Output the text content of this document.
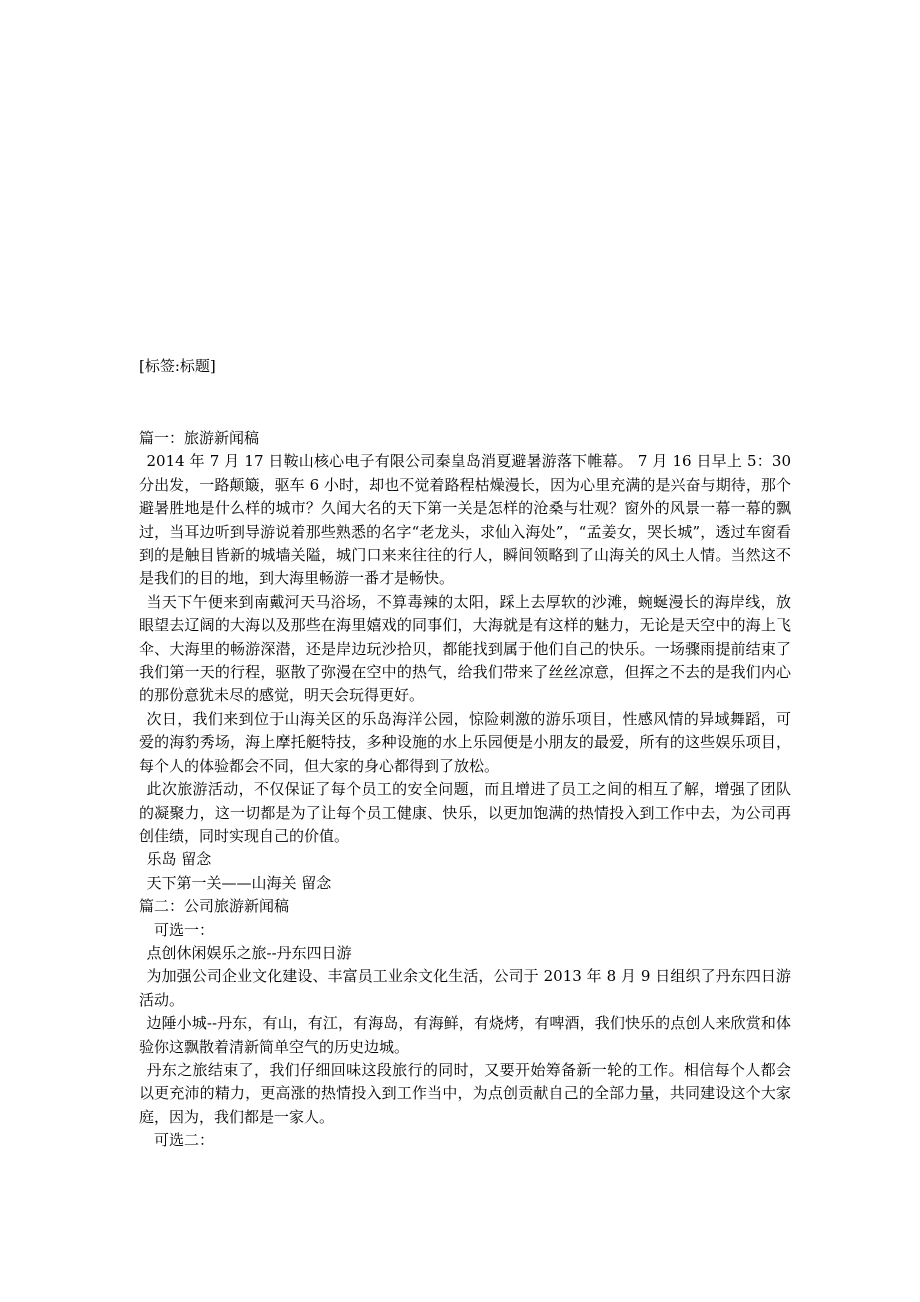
[标签:标题]

篇一：旅游新闻稿

2014 年 7 月 17 日鞍山核心电子有限公司秦皇岛消夏避暑游落下帷幕。 7 月 16 日早上 5：30 分出发，一路颠簸，驱车 6 小时，却也不觉着路程枯燥漫长，因为心里充满的是兴奋与期待，那个避暑胜地是什么样的城市？久闻大名的天下第一关是怎样的沧桑与壮观？窗外的风景一幕一幕的飘过，当耳边听到导游说着那些熟悉的名字“老龙头，求仙入海处”，“孟姜女，哭长城”，透过车窗看到的是触目皆新的城墙关隘，城门口来来往往的行人，瞬间领略到了山海关的风土人情。当然这不是我们的目的地，到大海里畅游一番才是畅快。

当天下午便来到南戴河天马浴场，不算毒辣的太阳，踩上去厚软的沙滩，蜿蜒漫长的海岸线，放眼望去辽阔的大海以及那些在海里嬉戏的同事们，大海就是有这样的魅力，无论是天空中的海上飞伞、大海里的畅游深潜，还是岸边玩沙拾贝，都能找到属于他们自己的快乐。一场骤雨提前结束了我们第一天的行程，驱散了弥漫在空中的热气，给我们带来了丝丝凉意，但挥之不去的是我们内心的那份意犹未尽的感觉，明天会玩得更好。

次日，我们来到位于山海关区的乐岛海洋公园，惊险刺激的游乐项目，性感风情的异域舞蹈，可爱的海豹秀场，海上摩托艇特技，多种设施的水上乐园便是小朋友的最爱，所有的这些娱乐项目，每个人的体验都会不同，但大家的身心都得到了放松。

此次旅游活动，不仅保证了每个员工的安全问题，而且增进了员工之间的相互了解，增强了团队的凝聚力，这一切都是为了让每个员工健康、快乐，以更加饱满的热情投入到工作中去，为公司再创佳绩，同时实现自己的价值。

乐岛 留念

天下第一关——山海关 留念

篇二：公司旅游新闻稿

可选一：

点创休闲娱乐之旅--丹东四日游

为加强公司企业文化建设、丰富员工业余文化生活，公司于 2013 年 8 月 9 日组织了丹东四日游活动。

边陲小城--丹东，有山，有江，有海岛，有海鲜，有烧烤，有啤酒，我们快乐的点创人来欣赏和体验你这飘散着清新简单空气的历史边城。

丹东之旅结束了，我们仔细回味这段旅行的同时，又要开始筹备新一轮的工作。相信每个人都会以更充沛的精力，更高涨的热情投入到工作当中，为点创贡献自己的全部力量，共同建设这个大家庭，因为，我们都是一家人。

可选二：
